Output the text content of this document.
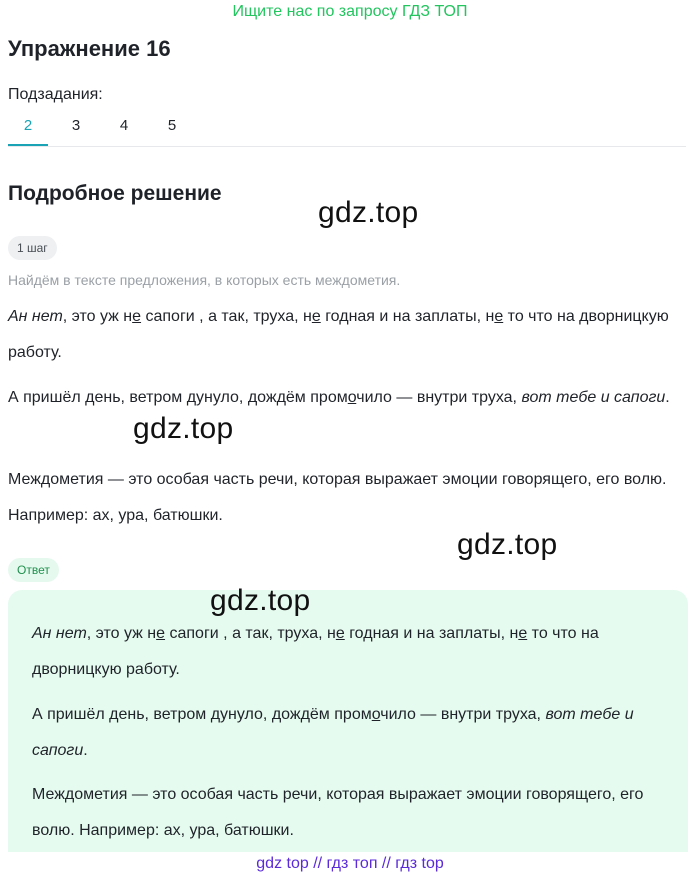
Ищите нас по запросу ГДЗ ТОП
Упражнение 16
Подзадания:
2	3	4	5
Подробное решение
1 шаг
Найдём в тексте предложения, в которых есть междометия.

Ан нет, это уж не сапоги , а так, труха, не годная и на заплаты, не то что на дворницкую работу.

А пришёл день, ветром дунуло, дождём промочило — внутри труха, вот тебе и сапоги.

Междометия — это особая часть речи, которая выражает эмоции говорящего, его волю. Например: ах, ура, батюшки.

Ответ

Ан нет, это уж не сапоги , а так, труха, не годная и на заплаты, не то что на дворницкую работу.

А пришёл день, ветром дунуло, дождём промочило — внутри труха, вот тебе и сапоги.

Междометия — это особая часть речи, которая выражает эмоции говорящего, его волю. Например: ах, ура, батюшки.

gdz.top
gdz.top
gdz.top
gdz.top
gdz top // гдз топ // гдз top
